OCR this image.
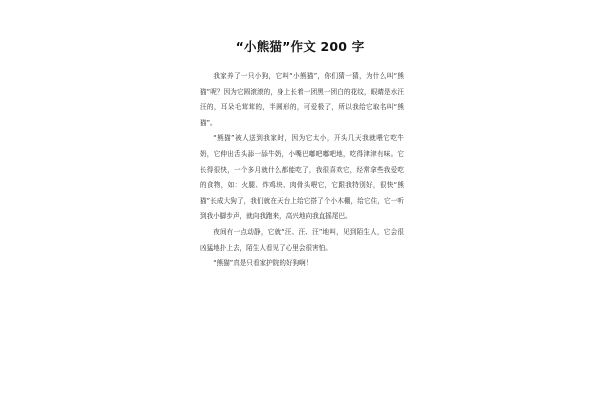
“小熊猫”作文 200 字

我家养了一只小狗，它叫“小熊猫”，你们猜一猜，为什么叫“熊猫”呢？因为它圆滚滚的，身上长着一团黑一团白的花纹，眼睛是水汪汪的，耳朵毛茸茸的，半圆形的，可爱极了，所以我给它取名叫“熊猫”。

“熊猫”被人送到我家时，因为它太小，开头几天我就喂它吃牛奶，它伸出舌头舔一舔牛奶，小嘴巴嘟吧嘟吧地，吃得津津有味。它长得很快，一个多月就什么都能吃了，我很喜欢它，经常拿些我爱吃的食物，如：火腿、炸鸡块、肉骨头喂它，它跟我特别好，很快“熊猫”长成大狗了，我们就在天台上给它搭了个小木棚，给它住，它一听到我小脚步声，就向我跑来，高兴地向我直摇尾巴。

夜间有一点动静，它就“汪、汪、汪”地叫，见到陌生人，它会很凶猛地扑上去，陌生人看见了心里会很害怕。

“熊猫”真是只看家护院的好狗啊！
